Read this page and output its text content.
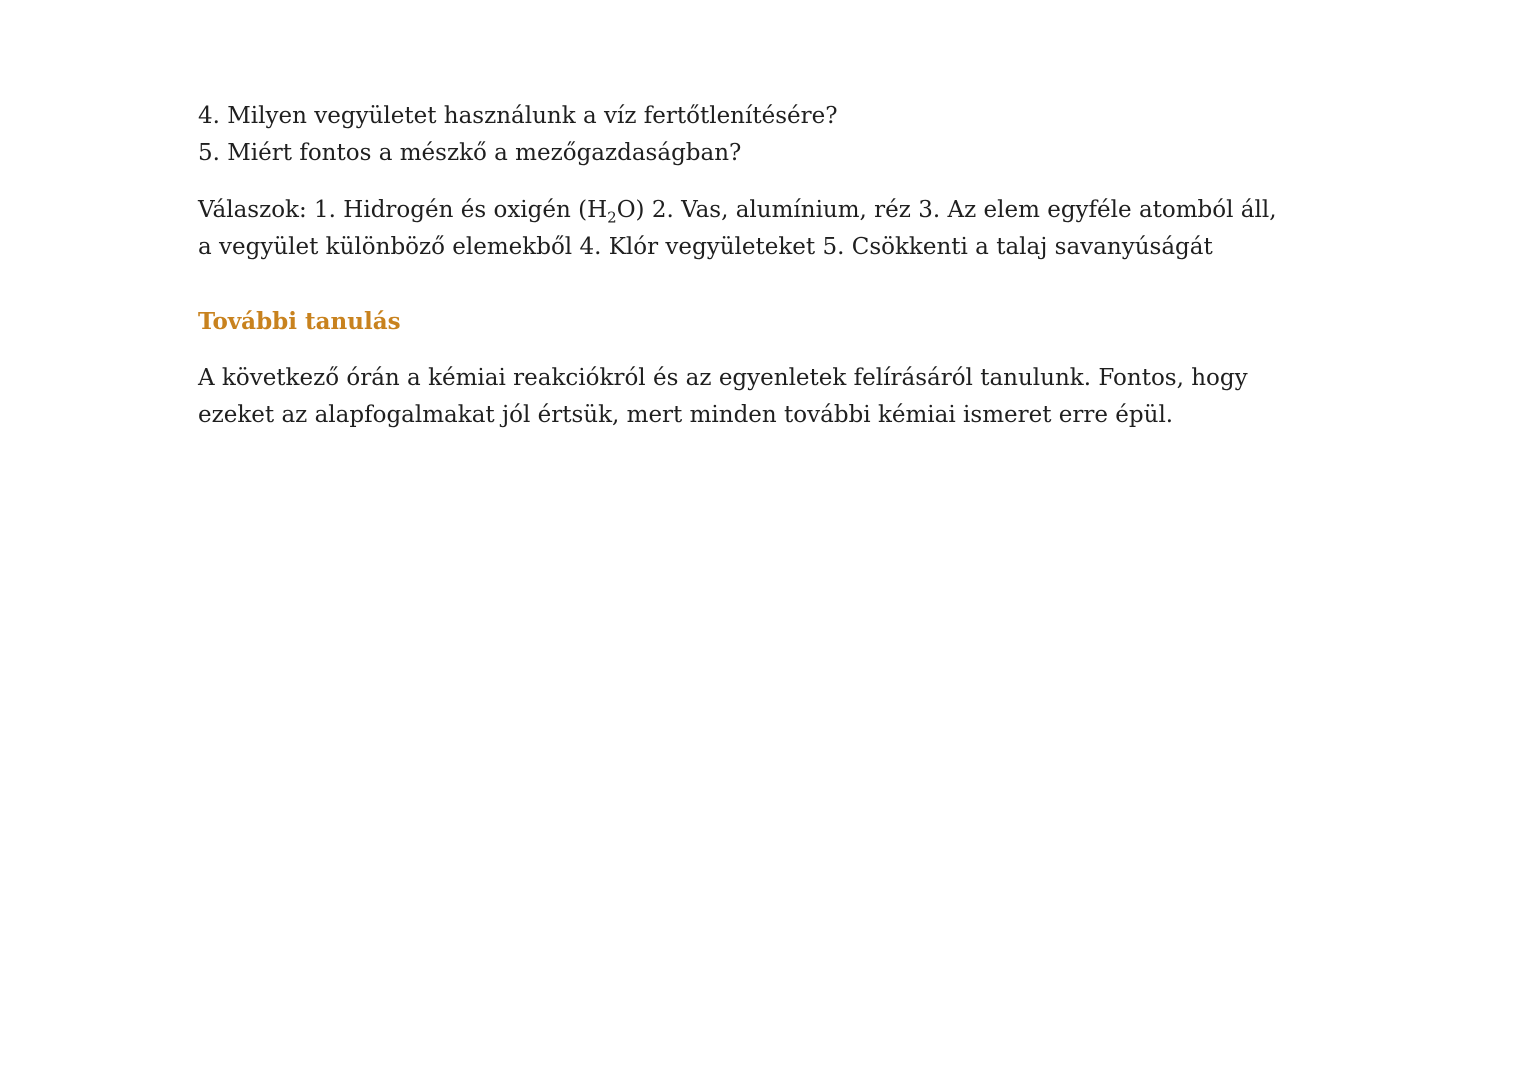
4. Milyen vegyületet használunk a víz fertőtlenítésére?
5. Miért fontos a mészkő a mezőgazdaságban?

Válaszok: 1. Hidrogén és oxigén $(H_2O)$ 2. Vas, alumínium, réz 3. Az elem egyféle atomból áll, a vegyület különböző elemekből 4. Klór vegyületeket 5. Csökkenti a talaj savanyúságát

További tanulás

A következő órán a kémiai reakciókról és az egyenletek felírásáról tanulunk. Fontos, hogy ezeket az alapfogalmakat jól értsük, mert minden további kémiai ismeret erre épül.
